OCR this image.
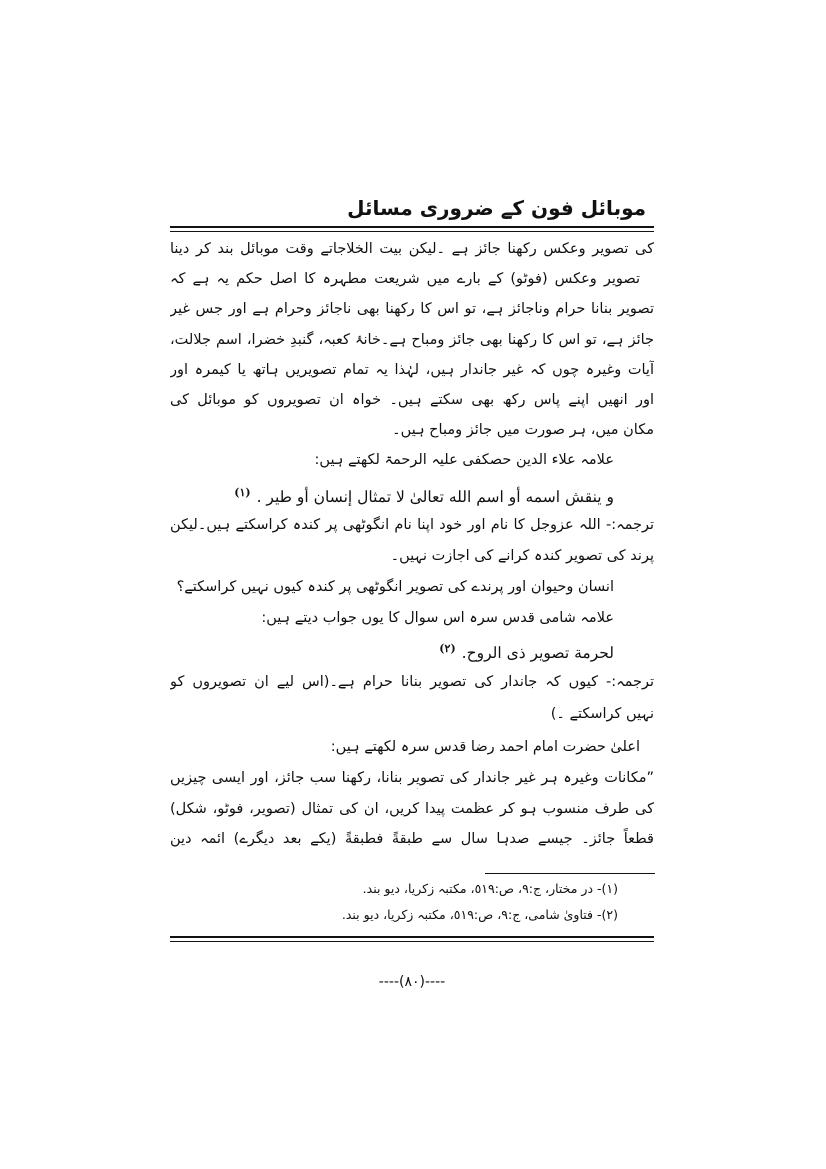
موبائل فون کے ضروری مسائل
کی تصویر وعکس رکھنا جائز ہے ۔لیکن بیت الخلاجاتے وقت موبائل بند کر دینا
تصویر وعکس (فوٹو) کے بارے میں شریعت مطہرہ کا اصل حکم یہ ہے کہ
تصویر بنانا حرام وناجائز ہے، تو اس کا رکھنا بھی ناجائز وحرام ہے اور جس غیر
جائز ہے، تو اس کا رکھنا بھی جائز ومباح ہے۔خانۂ کعبہ، گنبدِ خضرا، اسم جلالت،
آیات وغیرہ چوں کہ غیر جاندار ہیں، لہٰذا یہ تمام تصویریں ہاتھ یا کیمرہ اور
اور انھیں اپنے پاس رکھ بھی سکتے ہیں۔ خواہ ان تصویروں کو موبائل کی
مکان میں، ہر صورت میں جائز ومباح ہیں۔
علامہ علاء الدین حصکفی علیہ الرحمۃ لکھتے ہیں:
و ینقش اسمه أو اسم الله تعالیٰ لا تمثال إنسان أو طیر .$^{(١)}$
ترجمہ:- اللہ عزوجل کا نام اور خود اپنا نام انگوٹھی پر کندہ کراسکتے ہیں۔لیکن
پرند کی تصویر کندہ کرانے کی اجازت نہیں۔
انسان وحیوان اور پرندے کی تصویر انگوٹھی پر کندہ کیوں نہیں کراسکتے؟
علامہ شامی قدس سرہ اس سوال کا یوں جواب دیتے ہیں:
لحرمة تصویر ذی الروح.$^{(٢)}$
ترجمہ:- کیوں کہ جاندار کی تصویر بنانا حرام ہے۔(اس لیے ان تصویروں کو
نہیں کراسکتے ۔)
اعلیٰ حضرت امام احمد رضا قدس سرہ لکھتے ہیں:
”مکانات وغیرہ ہر غیر جاندار کی تصویر بنانا، رکھنا سب جائز، اور ایسی چیزیں
کی طرف منسوب ہو کر عظمت پیدا کریں، ان کی تمثال (تصویر، فوٹو، شکل)
قطعاً جائز۔ جیسے صدہا سال سے طبقةً فطبقةً (یکے بعد دیگرے) ائمہ دین
(١)- در مختار، ج:٩، ص:٥١٩، مکتبہ زکریا، دیو بند.
(٢)- فتاویٰ شامی، ج:٩، ص:٥١٩، مکتبہ زکریا، دیو بند.
----(٨٠)----
